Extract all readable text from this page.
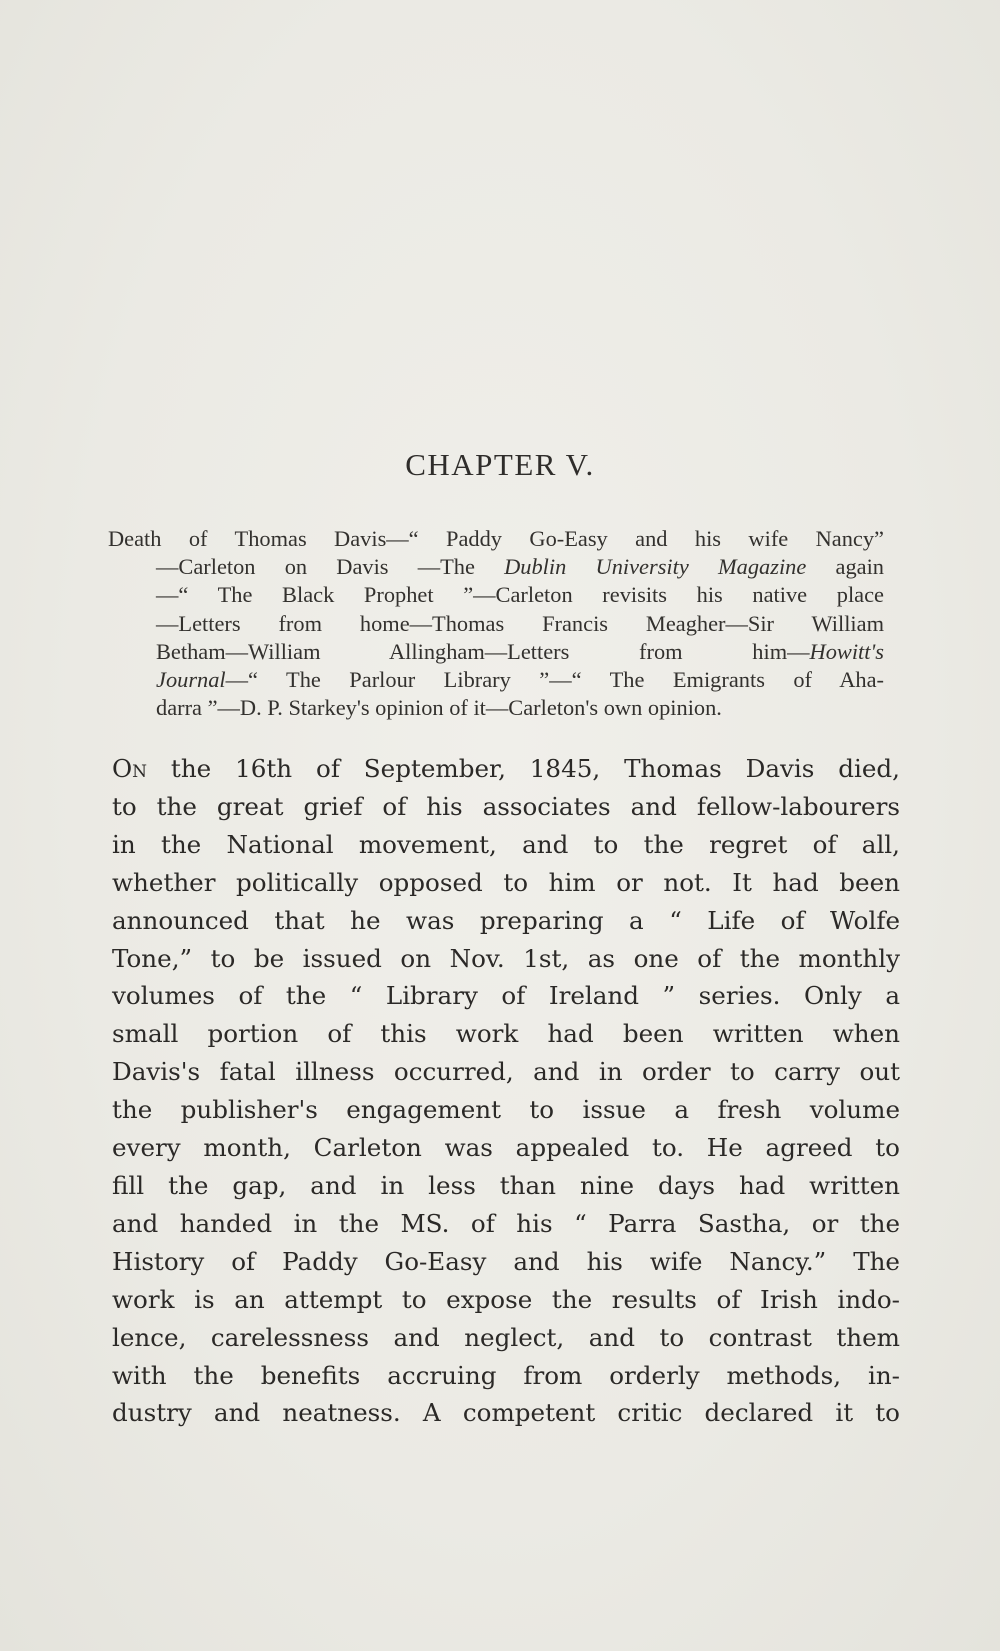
CHAPTER V.
Death of Thomas Davis—“ Paddy Go-Easy and his wife Nancy”
—Carleton on Davis —The Dublin University Magazine again
—“ The Black Prophet ”—Carleton revisits his native place
—Letters from home—Thomas Francis Meagher—Sir William
Betham—William Allingham—Letters from him—Howitt's
Journal—“ The Parlour Library ”—“ The Emigrants of Aha-
darra ”—D. P. Starkey's opinion of it—Carleton's own opinion.
On the 16th of September, 1845, Thomas Davis died,
to the great grief of his associates and fellow-labourers
in the National movement, and to the regret of all,
whether politically opposed to him or not. It had been
announced that he was preparing a “ Life of Wolfe
Tone,” to be issued on Nov. 1st, as one of the monthly
volumes of the “ Library of Ireland ” series. Only a
small portion of this work had been written when
Davis's fatal illness occurred, and in order to carry out
the publisher's engagement to issue a fresh volume
every month, Carleton was appealed to. He agreed to
fill the gap, and in less than nine days had written
and handed in the MS. of his “ Parra Sastha, or the
History of Paddy Go-Easy and his wife Nancy.” The
work is an attempt to expose the results of Irish indo-
lence, carelessness and neglect, and to contrast them
with the benefits accruing from orderly methods, in-
dustry and neatness. A competent critic declared it to
